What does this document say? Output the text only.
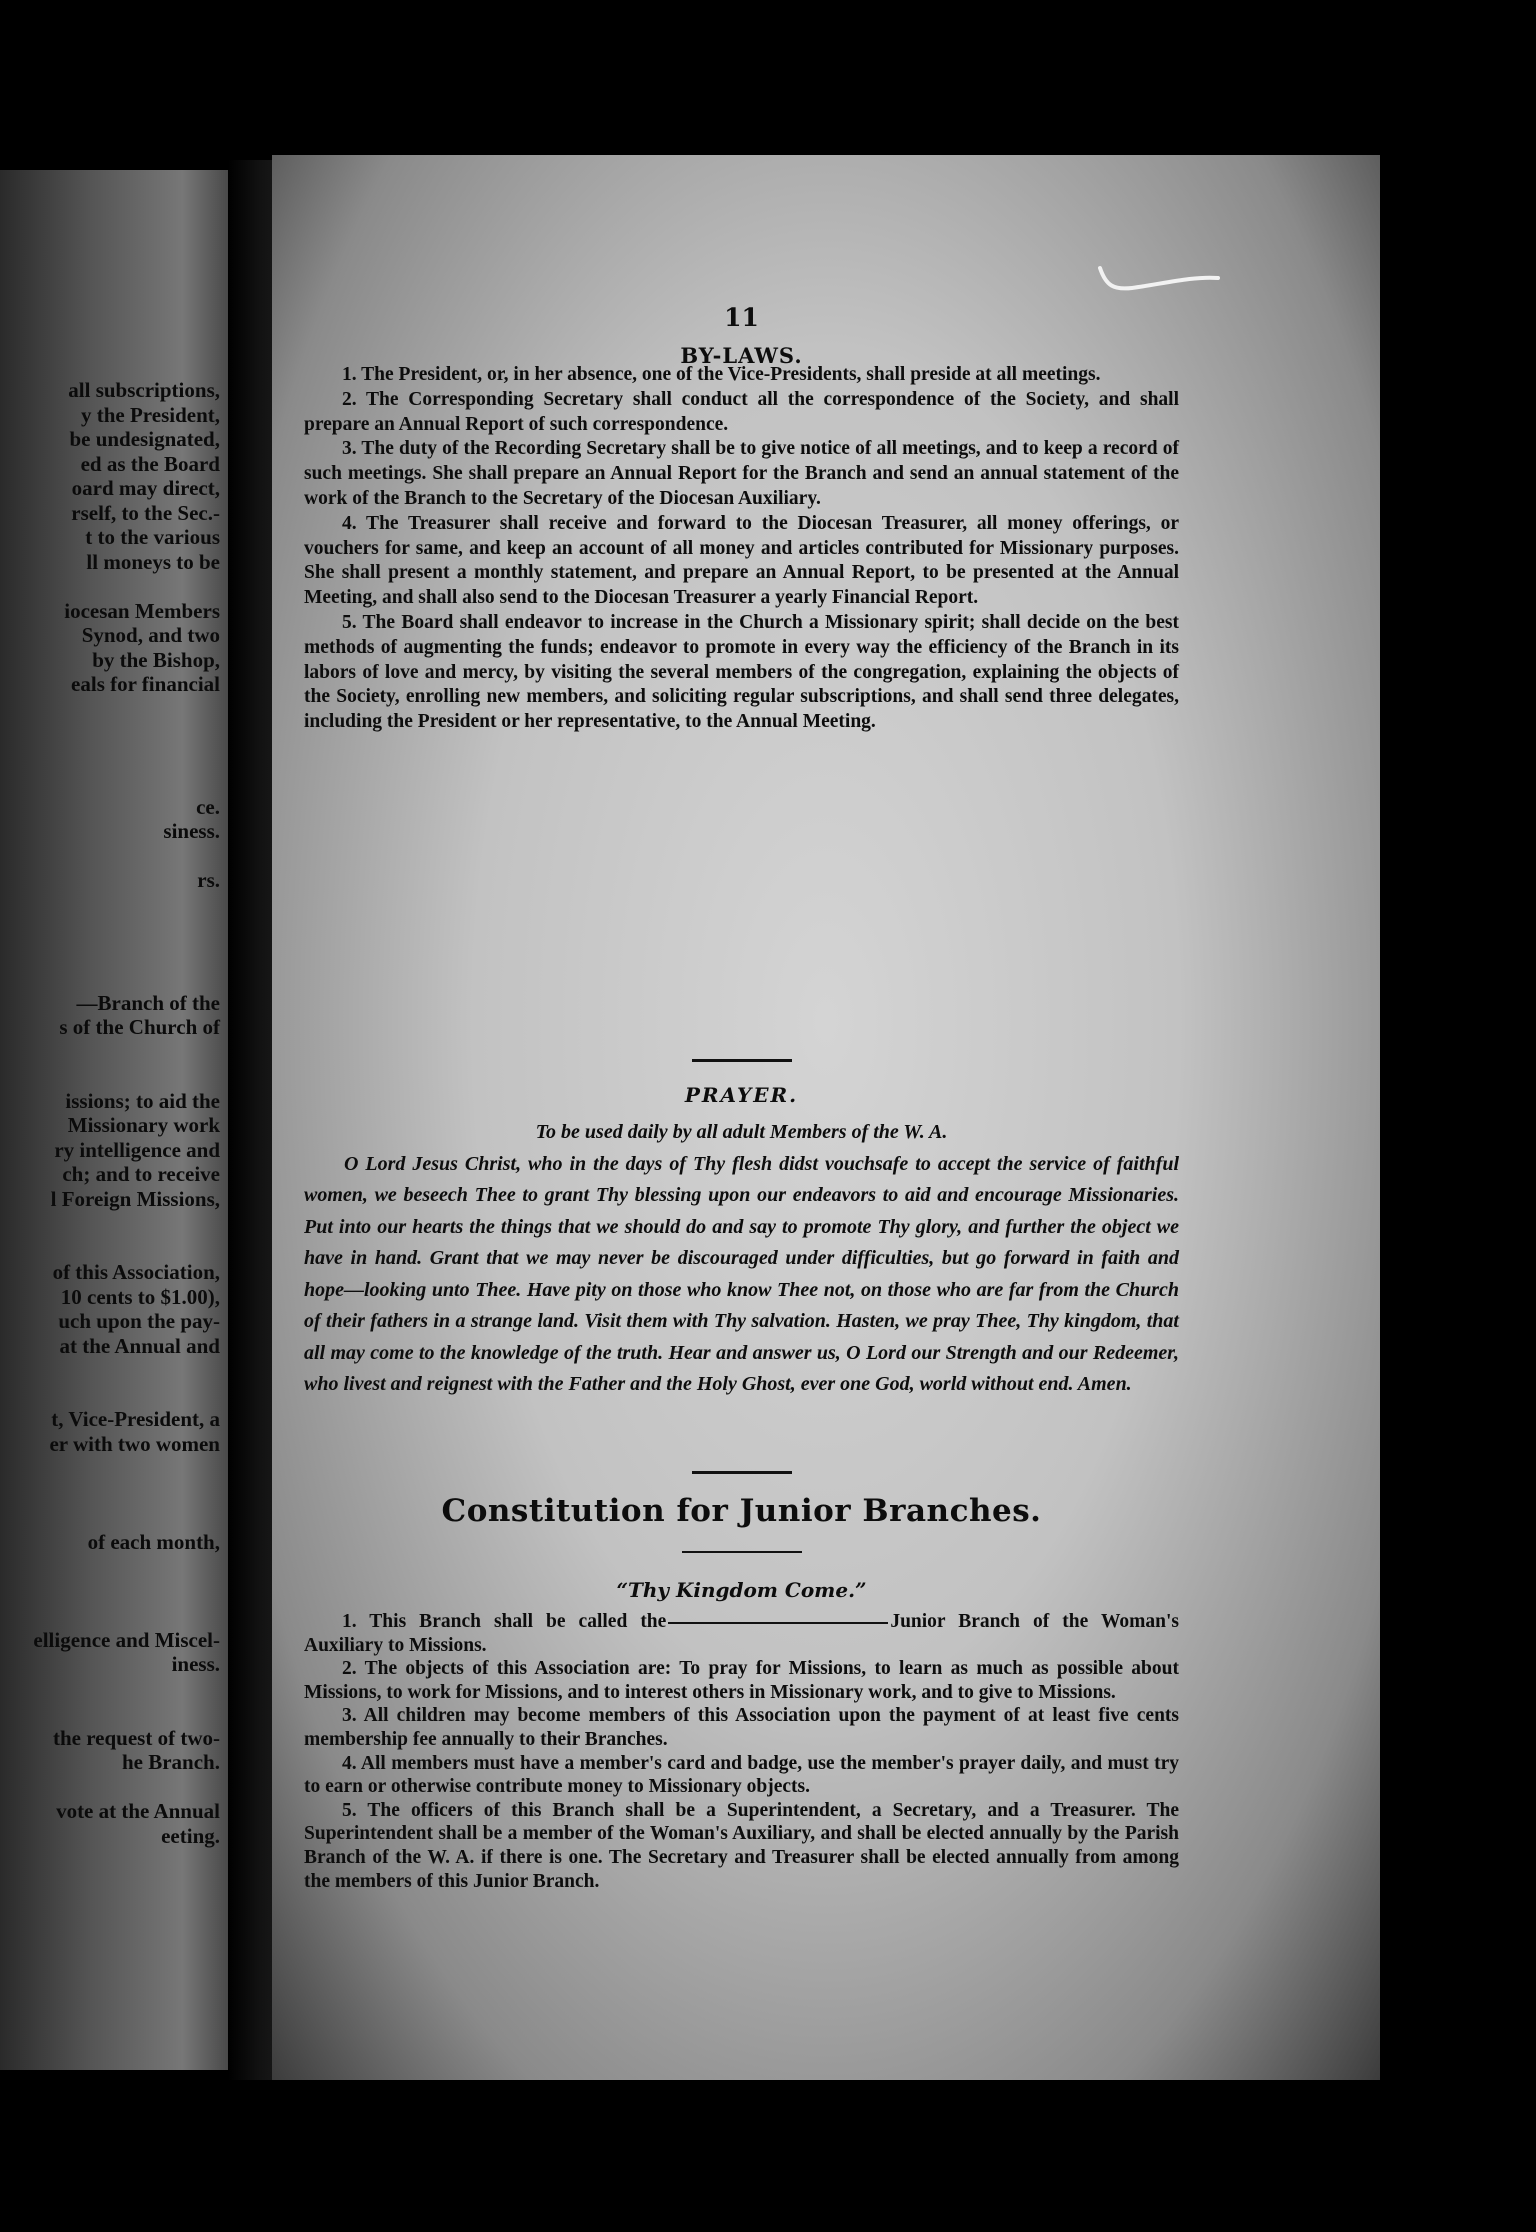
all subscriptions,
y the President,
be undesignated,
ed as the Board
oard may direct,
rself, to the Sec.-
t to the various
ll moneys to be
iocesan Members
Synod, and two
by the Bishop,
eals for financial
ce.
siness.
rs.
—Branch of the
s of the Church of
issions; to aid the
Missionary work
ry intelligence and
ch; and to receive
l Foreign Missions,
of this Association,
10 cents to $1.00),
uch upon the pay-
at the Annual and
t, Vice-President, a
er with two women
of each month,
elligence and Miscel-
iness.
the request of two-
he Branch.
vote at the Annual
eeting.
11
BY-LAWS.

1. The President, or, in her absence, one of the Vice-Presidents, shall preside at all meetings.

2. The Corresponding Secretary shall conduct all the correspondence of the Society, and shall prepare an Annual Report of such correspondence.

3. The duty of the Recording Secretary shall be to give notice of all meetings, and to keep a record of such meetings. She shall prepare an Annual Report for the Branch and send an annual statement of the work of the Branch to the Secretary of the Diocesan Auxiliary.

4. The Treasurer shall receive and forward to the Diocesan Treasurer, all money offerings, or vouchers for same, and keep an account of all money and articles contributed for Missionary purposes. She shall present a monthly statement, and prepare an Annual Report, to be presented at the Annual Meeting, and shall also send to the Diocesan Treasurer a yearly Financial Report.

5. The Board shall endeavor to increase in the Church a Missionary spirit; shall decide on the best methods of augmenting the funds; endeavor to promote in every way the efficiency of the Branch in its labors of love and mercy, by visiting the several members of the congregation, explaining the objects of the Society, enrolling new members, and soliciting regular subscriptions, and shall send three delegates, including the President or her representative, to the Annual Meeting.

PRAYER.

To be used daily by all adult Members of the W. A.

O Lord Jesus Christ, who in the days of Thy flesh didst vouchsafe to accept the service of faithful women, we beseech Thee to grant Thy blessing upon our endeavors to aid and encourage Missionaries. Put into our hearts the things that we should do and say to promote Thy glory, and further the object we have in hand. Grant that we may never be discouraged under difficulties, but go forward in faith and hope—looking unto Thee. Have pity on those who know Thee not, on those who are far from the Church of their fathers in a strange land. Visit them with Thy salvation. Hasten, we pray Thee, Thy kingdom, that all may come to the knowledge of the truth. Hear and answer us, O Lord our Strength and our Redeemer, who livest and reignest with the Father and the Holy Ghost, ever one God, world without end. Amen.

Constitution for Junior Branches.
“Thy Kingdom Come.”

1. This Branch shall be called the	Junior Branch of the Woman's Auxiliary to Missions.

2. The objects of this Association are: To pray for Missions, to learn as much as possible about Missions, to work for Missions, and to interest others in Missionary work, and to give to Missions.

3. All children may become members of this Association upon the payment of at least five cents membership fee annually to their Branches.

4. All members must have a member's card and badge, use the member's prayer daily, and must try to earn or otherwise contribute money to Missionary objects.

5. The officers of this Branch shall be a Superintendent, a Secretary, and a Treasurer. The Superintendent shall be a member of the Woman's Auxiliary, and shall be elected annually by the Parish Branch of the W. A. if there is one. The Secretary and Treasurer shall be elected annually from among the members of this Junior Branch.
